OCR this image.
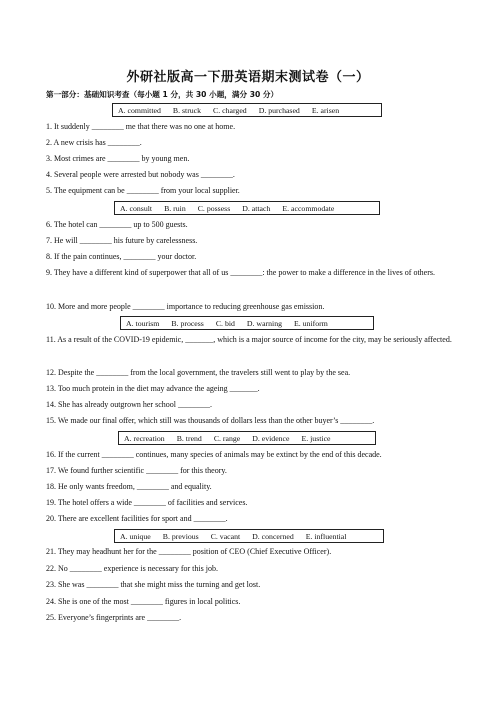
外研社版高一下册英语期末测试卷（一）
第一部分：基础知识考查（每小题 1 分，共 30 小题，满分 30 分）
A. committed B. struck C. charged D. purchased E. arisen
1. It suddenly ________ me that there was no one at home.
2. A new crisis has ________.
3. Most crimes are ________ by young men.
4. Several people were arrested but nobody was ________.
5. The equipment can be ________ from your local supplier.
A. consult B. ruin C. possess D. attach E. accommodate
6. The hotel can ________ up to 500 guests.
7. He will ________ his future by carelessness.
8. If the pain continues, ________ your doctor.
9. They have a different kind of superpower that all of us ________: the power to make a difference in the lives of others.
10. More and more people ________ importance to reducing greenhouse gas emission.
A. tourism B. process C. bid D. warning E. uniform
11. As a result of the COVID-19 epidemic, _______, which is a major source of income for the city, may be seriously affected.
12. Despite the ________ from the local government, the travelers still went to play by the sea.
13. Too much protein in the diet may advance the ageing _______.
14. She has already outgrown her school ________.
15. We made our final offer, which still was thousands of dollars less than the other buyer’s ________.
A. recreation B. trend C. range D. evidence E. justice
16. If the current ________ continues, many species of animals may be extinct by the end of this decade.
17. We found further scientific ________ for this theory.
18. He only wants freedom, ________ and equality.
19. The hotel offers a wide ________ of facilities and services.
20. There are excellent facilities for sport and ________.
A. unique B. previous C. vacant D. concerned E. influential
21. They may headhunt her for the ________ position of CEO (Chief Executive Officer).
22. No ________ experience is necessary for this job.
23. She was ________ that she might miss the turning and get lost.
24. She is one of the most ________ figures in local politics.
25. Everyone’s fingerprints are ________.
